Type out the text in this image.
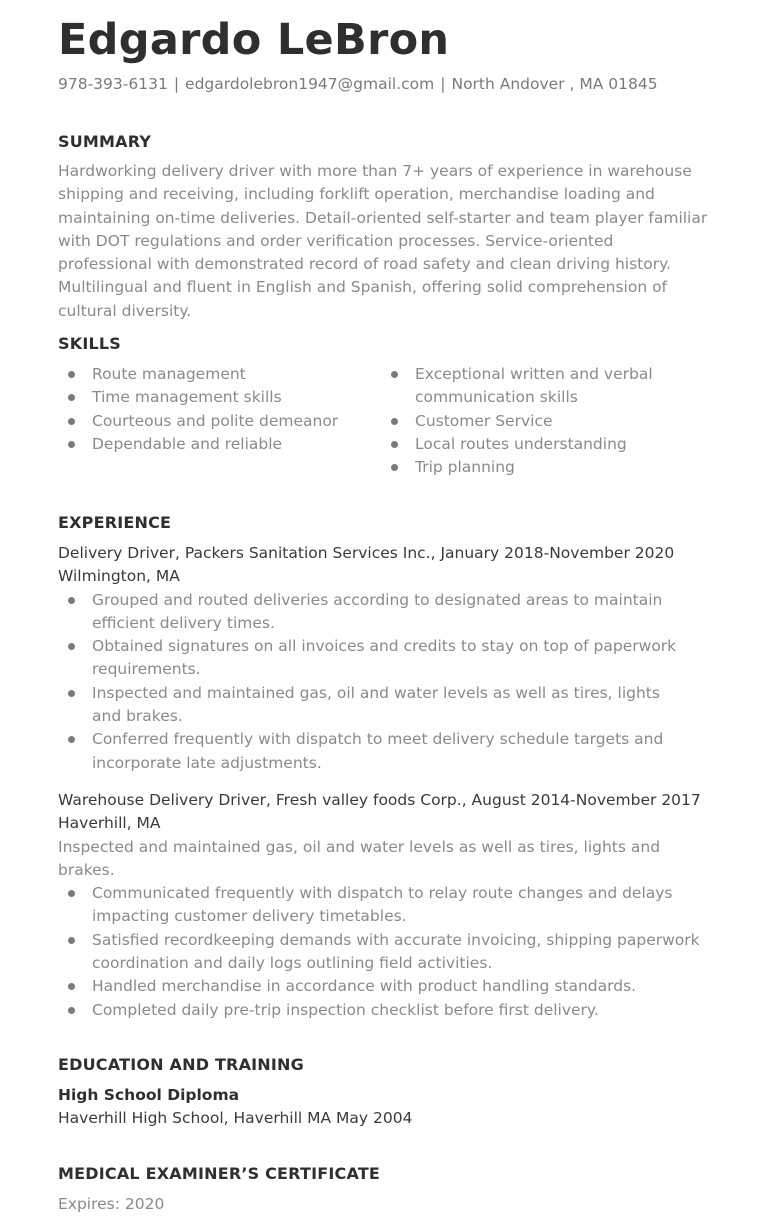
Edgardo LeBron
978-393-6131 | edgardolebron1947@gmail.com | North Andover , MA 01845
SUMMARY
Hardworking delivery driver with more than 7+ years of experience in warehouse shipping and receiving, including forklift operation, merchandise loading and maintaining on-time deliveries. Detail-oriented self-starter and team player familiar with DOT regulations and order verification processes. Service-oriented professional with demonstrated record of road safety and clean driving history. Multilingual and fluent in English and Spanish, offering solid comprehension of cultural diversity.
SKILLS
Route management
Time management skills
Courteous and polite demeanor
Dependable and reliable
Exceptional written and verbal communication skills
Customer Service
Local routes understanding
Trip planning
EXPERIENCE
Delivery Driver, Packers Sanitation Services Inc., January 2018-November 2020
Wilmington, MA
Grouped and routed deliveries according to designated areas to maintain efficient delivery times.
Obtained signatures on all invoices and credits to stay on top of paperwork requirements.
Inspected and maintained gas, oil and water levels as well as tires, lights and brakes.
Conferred frequently with dispatch to meet delivery schedule targets and incorporate late adjustments.
Warehouse Delivery Driver, Fresh valley foods Corp., August 2014-November 2017
Haverhill, MA
Inspected and maintained gas, oil and water levels as well as tires, lights and brakes.
Communicated frequently with dispatch to relay route changes and delays impacting customer delivery timetables.
Satisfied recordkeeping demands with accurate invoicing, shipping paperwork coordination and daily logs outlining field activities.
Handled merchandise in accordance with product handling standards.
Completed daily pre-trip inspection checklist before first delivery.
EDUCATION AND TRAINING
High School Diploma
Haverhill High School, Haverhill MA May 2004
MEDICAL EXAMINER’S CERTIFICATE
Expires: 2020
